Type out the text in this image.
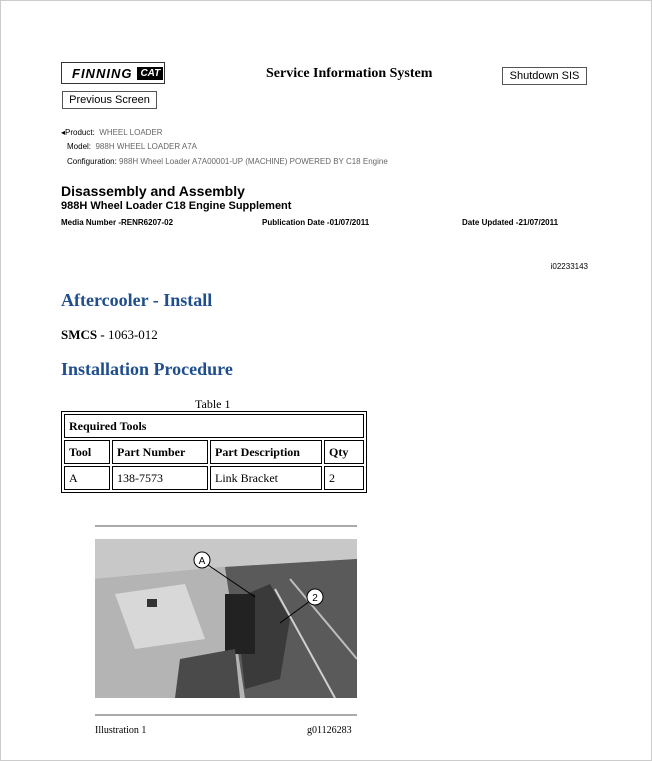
FINNING CAT
Previous Screen
Service Information System	Shutdown SIS
◂Product: WHEEL LOADER
Model: 988H WHEEL LOADER A7A
Configuration: 988H Wheel Loader A7A00001-UP (MACHINE) POWERED BY C18 Engine
Disassembly and Assembly
988H Wheel Loader C18 Engine Supplement
Media Number -RENR6207-02	Publication Date -01/07/2011	Date Updated -21/07/2011
i02233143
Aftercooler - Install
SMCS - 1063-012
Installation Procedure
Table 1
Required Tools			
Tool	Part Number	Part Description	Qty
A	138-7573	Link Bracket	2
A
2
Illustration 1	g01126283
